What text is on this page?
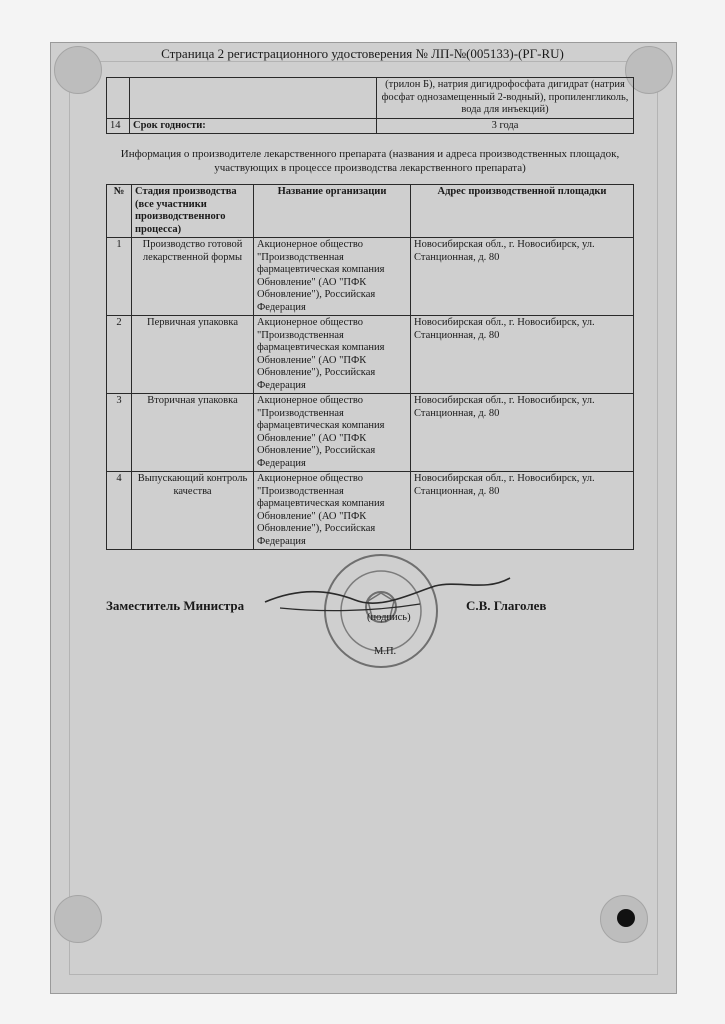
Страница 2 регистрационного удостоверения № ЛП-№(005133)-(РГ-RU)
		(трилон Б), натрия дигидрофосфата дигидрат (натрия фосфат однозамещенный 2-водный), пропиленгликоль, вода для инъекций)
14	Срок годности:	3 года
Информация о производителе лекарственного препарата (названия и адреса производственных площадок, участвующих в процессе производства лекарственного препарата)
№	Стадия производства (все участники производственного процесса)	Название организации	Адрес производственной площадки
1	Производство готовой лекарственной формы	Акционерное общество "Производственная фармацевтическая компания Обновление" (АО "ПФК Обновление"), Российская Федерация	Новосибирская обл., г. Новосибирск, ул. Станционная, д. 80
2	Первичная упаковка	Акционерное общество "Производственная фармацевтическая компания Обновление" (АО "ПФК Обновление"), Российская Федерация	Новосибирская обл., г. Новосибирск, ул. Станционная, д. 80
3	Вторичная упаковка	Акционерное общество "Производственная фармацевтическая компания Обновление" (АО "ПФК Обновление"), Российская Федерация	Новосибирская обл., г. Новосибирск, ул. Станционная, д. 80
4	Выпускающий контроль качества	Акционерное общество "Производственная фармацевтическая компания Обновление" (АО "ПФК Обновление"), Российская Федерация	Новосибирская обл., г. Новосибирск, ул. Станционная, д. 80
Заместитель Министра	С.В. Глаголев
(подпись)
М.П.
